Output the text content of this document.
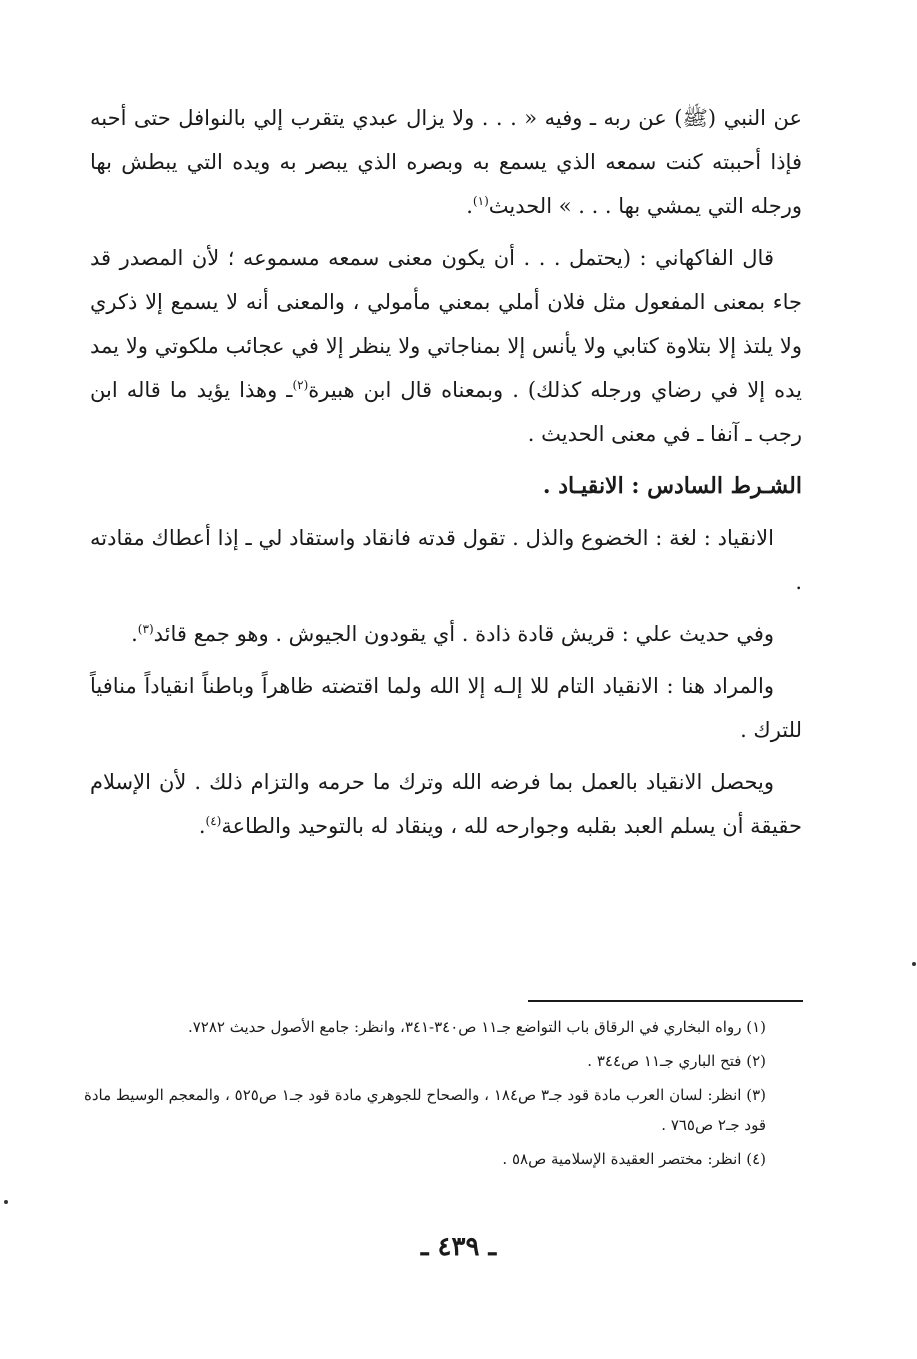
عن النبي (ﷺ) عن ربه ـ وفيه « . . . ولا يزال عبدي يتقرب إلي بالنوافل حتى أحبه فإذا أحببته كنت سمعه الذي يسمع به وبصره الذي يبصر به ويده التي يبطش بها ورجله التي يمشي بها . . . » الحديث$^{(١)}$.

قال الفاكهاني : (يحتمل . . . أن يكون معنى سمعه مسموعه ؛ لأن المصدر قد جاء بمعنى المفعول مثل فلان أملي بمعني مأمولي ، والمعنى أنه لا يسمع إلا ذكري ولا يلتذ إلا بتلاوة كتابي ولا يأنس إلا بمناجاتي ولا ينظر إلا في عجائب ملكوتي ولا يمد يده إلا في رضاي ورجله كذلك) . وبمعناه قال ابن هبيرة$^{(٢)}$ـ وهذا يؤيد ما قاله ابن رجب ـ آنفا ـ في معنى الحديث .

الشـرط السادس : الانقيـاد .

الانقياد : لغة : الخضوع والذل . تقول قدته فانقاد واستقاد لي ـ إذا أعطاك مقادته .

وفي حديث علي : قريش قادة ذادة . أي يقودون الجيوش . وهو جمع قائد$^{(٣)}$.

والمراد هنا : الانقياد التام للا إلـه إلا الله ولما اقتضته ظاهراً وباطناً انقياداً منافياً للترك .

ويحصل الانقياد بالعمل بما فرضه الله وترك ما حرمه والتزام ذلك . لأن الإسلام حقيقة أن يسلم العبد بقلبه وجوارحه لله ، وينقاد له بالتوحيد والطاعة$^{(٤)}$.

(١) رواه البخاري في الرقاق باب التواضع جـ١١ ص٣٤٠-٣٤١، وانظر: جامع الأصول حديث ٧٢٨٢.

(٢) فتح الباري جـ١١ ص٣٤٤ .

(٣) انظر: لسان العرب مادة قود جـ٣ ص١٨٤ ، والصحاح للجوهري مادة قود جـ١ ص٥٢٥ ، والمعجم الوسيط مادة قود جـ٢ ص٧٦٥ .

(٤) انظر: مختصر العقيدة الإسلامية ص٥٨ .

ـ ٤٣٩ ـ
